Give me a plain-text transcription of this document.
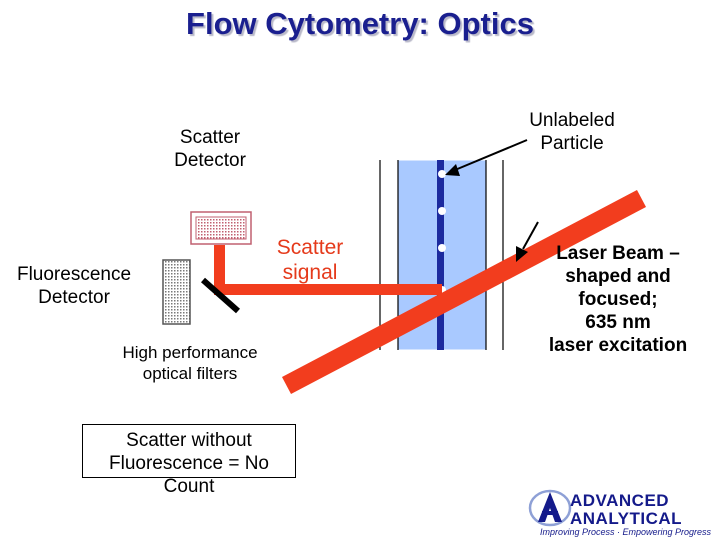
Flow Cytometry: Optics
Scatter
Detector
Fluorescence
Detector
Scatter
signal
Unlabeled
Particle
Laser Beam –
shaped and
focused;
635 nm
laser excitation
High performance
optical filters
Scatter without
Fluorescence = No Count
ADVANCED
ANALYTICAL
Improving Process · Empowering Progress
